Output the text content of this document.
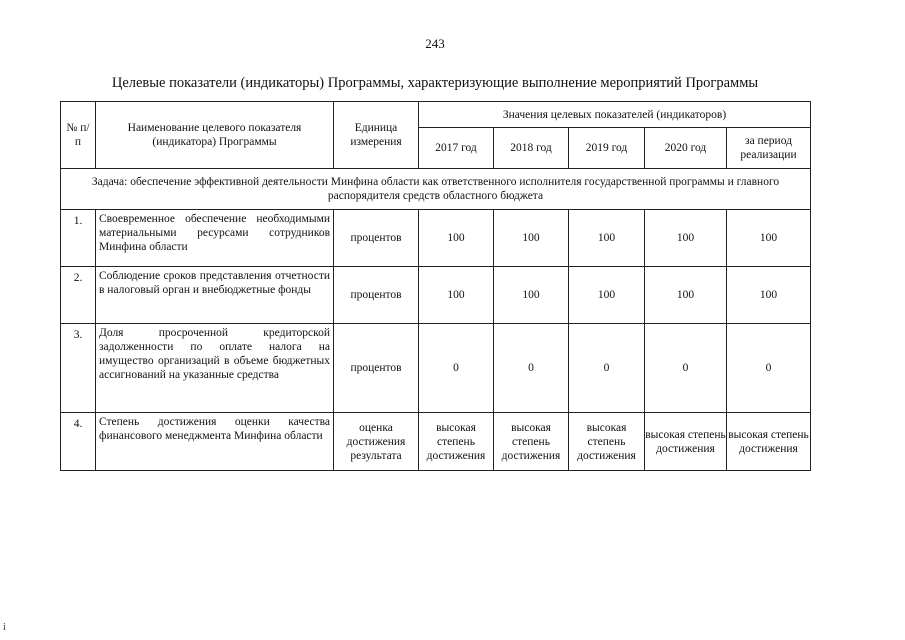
243
Целевые показатели (индикаторы) Программы, характеризующие выполнение мероприятий Программы
№ п/п	Наименование целевого показателя (индикатора) Программы	Единица измерения	Значения целевых показателей (индикаторов)				
			2017 год	2018 год	2019 год	2020 год	за период реализации
Задача: обеспечение эффективной деятельности Минфина области как ответственного исполнителя государственной программы и главного распорядителя средств областного бюджета							
1.	Своевременное обеспечение необходимыми материальными ресурсами сотрудников Минфина области	процентов	100	100	100	100	100
2.	Соблюдение сроков представления отчетности в налоговый орган и внебюджетные фонды	процентов	100	100	100	100	100
3.	Доля просроченной кредиторской задолженности по оплате налога на имущество организаций в объеме бюджетных ассигнований на указанные средства	процентов	0	0	0	0	0
4.	Степень достижения оценки качества финансового менеджмента Минфина области	оценка достижения результата	высокая степень достижения	высокая степень достижения	высокая степень достижения	высокая степень достижения	высокая степень достижения
i
